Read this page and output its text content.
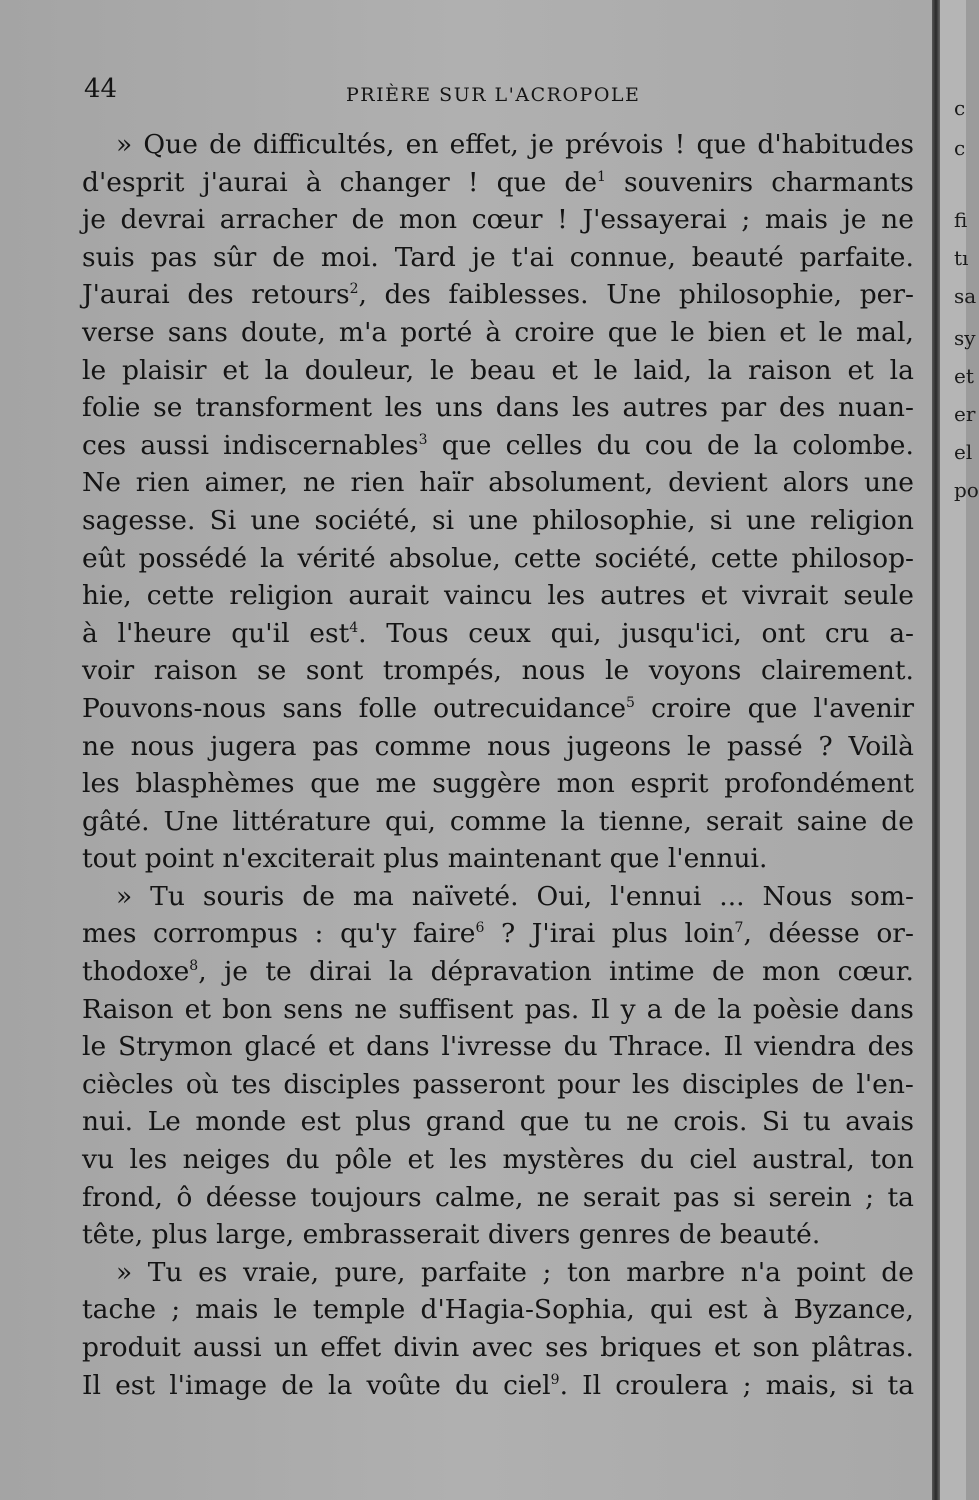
44	PRIÈRE SUR L'ACROPOLE
» Que de dificultés, en efet, je prévois ! que d'habitudes
d'esprit j'aurai à changer ! que $de^1$ souvenirs charmants
je devrai arracher de mon cœur ! J'essayerai ; mais je ne
suis pas sûr de moi. Tard je t'ai connue, beauté parfaite.
J'aurai des retours$^2$, des faiblesses. Une philosophie, per-
verse sans doute, m'a porté à croire que le bien et le mal,
le plaisir et la douleur, le beau et le laid, la raison et la
folie se transforment les uns dans les autres par des nuan-
ces aussi indiscernables$^3$ que celles du cou de la colombe.
Ne rien aimer, ne rien haïr absolument, devient alors une
sagesse. Si une société, si une philosophie, si une religion
eût possédé la vérité absolue, cette société, cette philosop-
hie, cette religion aurait vaincu les autres et vivrait seule
à l'heure qu'il est$^4$. Tous ceux qui, jusqu'ici, ont cru a-
voir raison se sont trompés, nous le voyons clairement.
Pouvons-nous sans folle outrecuidance$^5$ croire que l'avenir
ne nous jugera pas comme nous jugeons le passé ? Voilà
les blasphèmes que me suggère mon esprit profondément
gâté. Une littérature qui, comme la tienne, serait saine de
tout point n'exciterait plus maintenant que l'ennui.
» Tu souris de ma naïveté. Oui, l'ennui ... Nous som-
mes corrompus : qu'y faire$^6$ ? J'irai plus loin$^7$, déesse or-
thodoxe$^8$, je te dirai la dépravation intime de mon cœur.
Raison et bon sens ne sufisent pas. Il y a de la poèsie dans
le Strymon glacé et dans l'ivresse du Thrace. Il viendra des
ciècles où tes disciples passeront pour les disciples de l'en-
nui. Le monde est plus grand que tu ne crois. Si tu avais
vu les neiges du pôle et les mystères du ciel austral, ton
frond, ô déesse toujours calme, ne serait pas si serein ; ta
tête, plus large, embrasserait divers genres de beauté.
» Tu es vraie, pure, parfaite ; ton marbre n'a point de
tache ; mais le temple d'Hagia-Sophia, qui est à Byzance,
produit aussi un efet divin avec ses briques et son plâtras.
Il est l'image de la voûte du ciel$^9$. Il croulera ; mais, si ta
c
c
fi
tı
sa
sy
et
er
el
po
